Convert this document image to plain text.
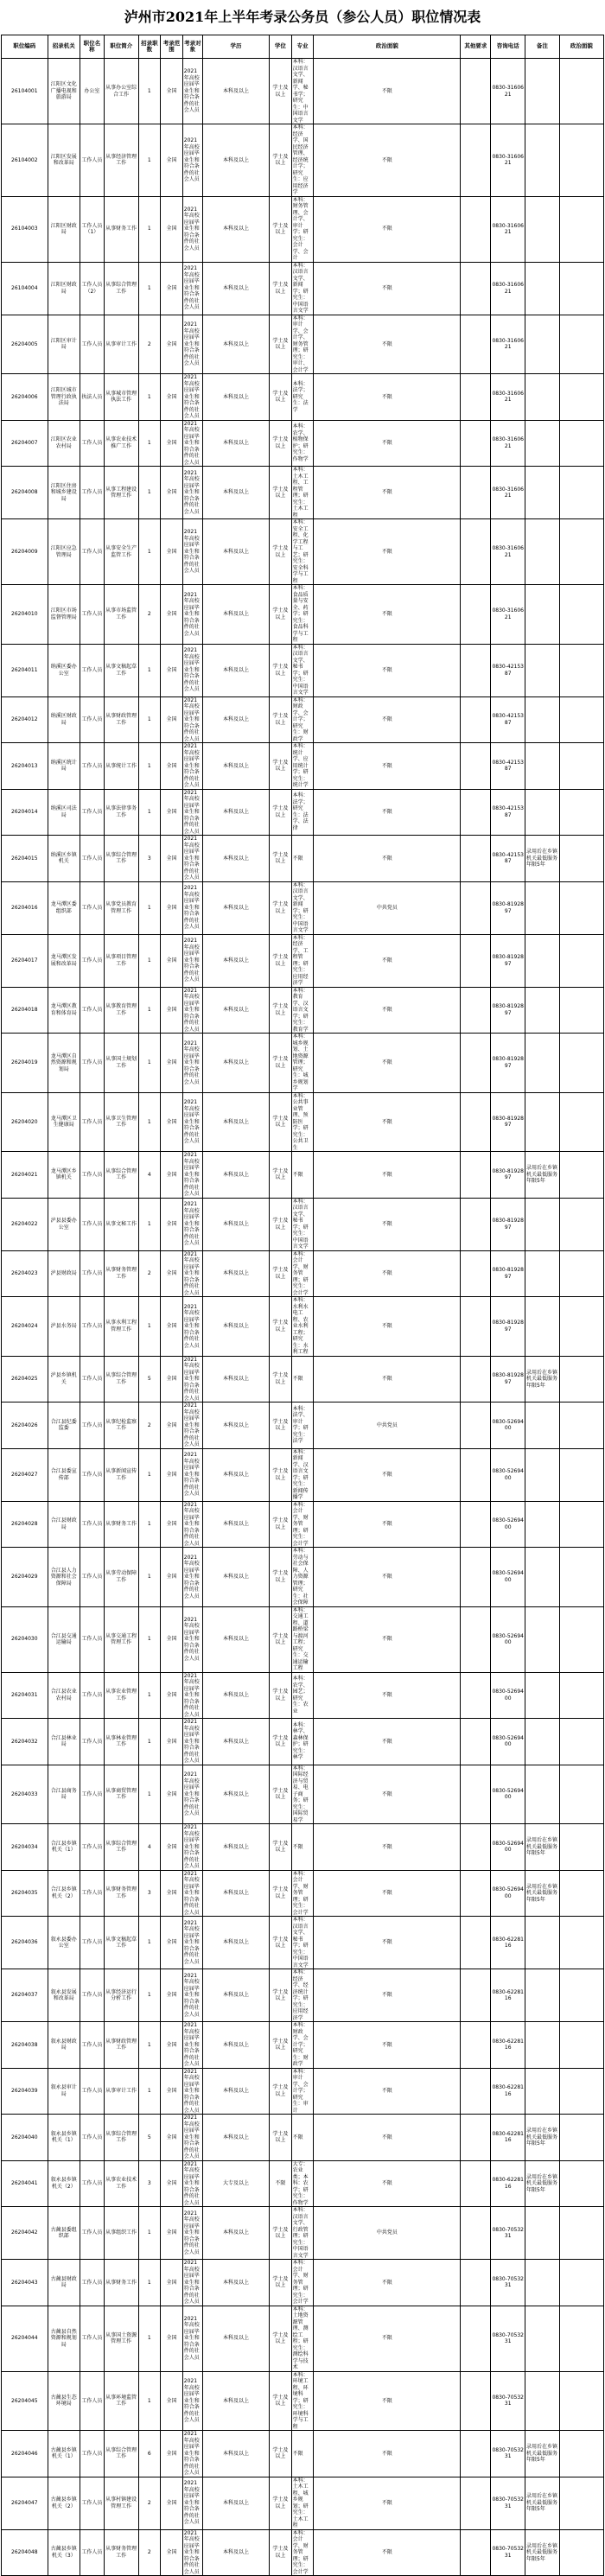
泸州市2021年上半年考录公务员（参公人员）职位情况表
职位编码	招录机关	职位名称	职位简介	招录职数	考录范围	考录对象	学历	学位	专业	政治面貌	其他要求	咨询电话	备注	政治面貌
26104001	江阳区文化广播电视和旅游局	办公室	从事办公室综合工作	1	全国	2021年高校应届毕业生和符合条件的社会人员	本科及以上	学士及以上	本科：汉语言文学、新闻学、秘书学；研究生：中国语言文学	不限		0830-3160621		
26104002	江阳区发展和改革局	工作人员	从事经济管理工作	1	全国	2021年高校应届毕业生和符合条件的社会人员	本科及以上	学士及以上	本科：经济学、国民经济管理、经济统计学；研究生：应用经济学	不限		0830-3160621		
26104003	江阳区财政局	工作人员（1）	从事财务工作	1	全国	2021年高校应届毕业生和符合条件的社会人员	本科及以上	学士及以上	本科：财务管理、会计学、审计学；研究生：会计学、会计	不限		0830-3160621		
26104004	江阳区财政局	工作人员（2）	从事综合管理工作	1	全国	2021年高校应届毕业生和符合条件的社会人员	本科及以上	学士及以上	本科：汉语言文学、新闻学；研究生：中国语言文学	不限		0830-3160621		
26204005	江阳区审计局	工作人员	从事审计工作	2	全国	2021年高校应届毕业生和符合条件的社会人员	本科及以上	学士及以上	本科：审计学、会计学、财务管理；研究生：审计、会计学	不限		0830-3160621		
26204006	江阳区城市管理行政执法局	执法人员	从事城市管理执法工作	1	全国	2021年高校应届毕业生和符合条件的社会人员	本科及以上	学士及以上	本科：法学；研究生：法学	不限		0830-3160621		
26204007	江阳区农业农村局	工作人员	从事农业技术推广工作	1	全国	2021年高校应届毕业生和符合条件的社会人员	本科及以上	学士及以上	本科：农学、植物保护；研究生：作物学	不限		0830-3160621		
26204008	江阳区住房和城乡建设局	工作人员	从事工程建设管理工作	1	全国	2021年高校应届毕业生和符合条件的社会人员	本科及以上	学士及以上	本科：土木工程、工程管理；研究生：土木工程	不限		0830-3160621		
26204009	江阳区应急管理局	工作人员	从事安全生产监管工作	1	全国	2021年高校应届毕业生和符合条件的社会人员	本科及以上	学士及以上	本科：安全工程、化学工程与工艺；研究生：安全科学与工程	不限		0830-3160621		
26204010	江阳区市场监督管理局	工作人员	从事市场监管工作	2	全国	2021年高校应届毕业生和符合条件的社会人员	本科及以上	学士及以上	本科：食品质量与安全、药学；研究生：食品科学与工程	不限		0830-3160621		
26204011	纳溪区委办公室	工作人员	从事文稿起草工作	1	全国	2021年高校应届毕业生和符合条件的社会人员	本科及以上	学士及以上	本科：汉语言文学、秘书学；研究生：中国语言文学	不限		0830-4215387		
26204012	纳溪区财政局	工作人员	从事财政管理工作	1	全国	2021年高校应届毕业生和符合条件的社会人员	本科及以上	学士及以上	本科：财政学、会计学；研究生：财政学	不限		0830-4215387		
26204013	纳溪区统计局	工作人员	从事统计工作	1	全国	2021年高校应届毕业生和符合条件的社会人员	本科及以上	学士及以上	本科：统计学、应用统计学；研究生：统计学	不限		0830-4215387		
26204014	纳溪区司法局	工作人员	从事法律事务工作	1	全国	2021年高校应届毕业生和符合条件的社会人员	本科及以上	学士及以上	本科：法学；研究生：法学、法律	不限		0830-4215387		
26204015	纳溪区乡镇机关	工作人员	从事综合管理工作	3	全国	2021年高校应届毕业生和符合条件的社会人员	本科及以上	学士及以上	不限	不限		0830-4215387	录用后在乡镇机关最低服务年限5年	
26204016	龙马潭区委组织部	工作人员	从事党员教育管理工作	1	全国	2021年高校应届毕业生和符合条件的社会人员	本科及以上	学士及以上	本科：汉语言文学、新闻学；研究生：中国语言文学	中共党员		0830-8192897		
26204017	龙马潭区发展和改革局	工作人员	从事项目管理工作	1	全国	2021年高校应届毕业生和符合条件的社会人员	本科及以上	学士及以上	本科：经济学、工程管理；研究生：应用经济学	不限		0830-8192897		
26204018	龙马潭区教育和体育局	工作人员	从事教育管理工作	1	全国	2021年高校应届毕业生和符合条件的社会人员	本科及以上	学士及以上	本科：教育学、汉语言文学；研究生：教育学	不限		0830-8192897		
26204019	龙马潭区自然资源和规划局	工作人员	从事国土规划工作	1	全国	2021年高校应届毕业生和符合条件的社会人员	本科及以上	学士及以上	本科：城乡规划、土地资源管理；研究生：城乡规划学	不限		0830-8192897		
26204020	龙马潭区卫生健康局	工作人员	从事卫生管理工作	1	全国	2021年高校应届毕业生和符合条件的社会人员	本科及以上	学士及以上	本科：公共事业管理、预防医学；研究生：公共卫生	不限		0830-8192897		
26204021	龙马潭区乡镇机关	工作人员	从事综合管理工作	4	全国	2021年高校应届毕业生和符合条件的社会人员	本科及以上	学士及以上	不限	不限		0830-8192897	录用后在乡镇机关最低服务年限5年	
26204022	泸县县委办公室	工作人员	从事文秘工作	1	全国	2021年高校应届毕业生和符合条件的社会人员	本科及以上	学士及以上	本科：汉语言文学、秘书学；研究生：中国语言文学	不限		0830-8192897		
26204023	泸县财政局	工作人员	从事财务管理工作	2	全国	2021年高校应届毕业生和符合条件的社会人员	本科及以上	学士及以上	本科：会计学、财务管理；研究生：会计学	不限		0830-8192897		
26204024	泸县水务局	工作人员	从事水利工程管理工作	1	全国	2021年高校应届毕业生和符合条件的社会人员	本科及以上	学士及以上	本科：水利水电工程、农业水利工程；研究生：水利工程	不限		0830-8192897		
26204025	泸县乡镇机关	工作人员	从事综合管理工作	5	全国	2021年高校应届毕业生和符合条件的社会人员	本科及以上	学士及以上	不限	不限		0830-8192897	录用后在乡镇机关最低服务年限5年	
26204026	合江县纪委监委	工作人员	从事纪检监察工作	2	全国	2021年高校应届毕业生和符合条件的社会人员	本科及以上	学士及以上	本科：法学、审计学；研究生：法学	中共党员		0830-5269400		
26204027	合江县委宣传部	工作人员	从事新闻宣传工作	1	全国	2021年高校应届毕业生和符合条件的社会人员	本科及以上	学士及以上	本科：新闻学、汉语言文学；研究生：新闻传播学	不限		0830-5269400		
26204028	合江县财政局	工作人员	从事财务工作	1	全国	2021年高校应届毕业生和符合条件的社会人员	本科及以上	学士及以上	本科：会计学、财务管理；研究生：会计学	不限		0830-5269400		
26204029	合江县人力资源和社会保障局	工作人员	从事劳动保障工作	1	全国	2021年高校应届毕业生和符合条件的社会人员	本科及以上	学士及以上	本科：劳动与社会保障、人力资源管理；研究生：社会保障	不限		0830-5269400		
26204030	合江县交通运输局	工作人员	从事交通工程管理工作	1	全国	2021年高校应届毕业生和符合条件的社会人员	本科及以上	学士及以上	本科：交通工程、道路桥梁与渡河工程；研究生：交通运输工程	不限		0830-5269400		
26204031	合江县农业农村局	工作人员	从事农业管理工作	1	全国	2021年高校应届毕业生和符合条件的社会人员	本科及以上	学士及以上	本科：农学、园艺；研究生：农业	不限		0830-5269400		
26204032	合江县林业局	工作人员	从事林业管理工作	1	全国	2021年高校应届毕业生和符合条件的社会人员	本科及以上	学士及以上	本科：林学、森林保护；研究生：林学	不限		0830-5269400		
26204033	合江县商务局	工作人员	从事商贸管理工作	1	全国	2021年高校应届毕业生和符合条件的社会人员	本科及以上	学士及以上	本科：国际经济与贸易、电子商务；研究生：国际贸易学	不限		0830-5269400		
26204034	合江县乡镇机关（1）	工作人员	从事综合管理工作	4	全国	2021年高校应届毕业生和符合条件的社会人员	本科及以上	学士及以上	不限	不限		0830-5269400	录用后在乡镇机关最低服务年限5年	
26204035	合江县乡镇机关（2）	工作人员	从事财务管理工作	3	全国	2021年高校应届毕业生和符合条件的社会人员	本科及以上	学士及以上	本科：会计学、财务管理；研究生：会计学	不限		0830-5269400	录用后在乡镇机关最低服务年限5年	
26204036	叙永县委办公室	工作人员	从事文稿起草工作	1	全国	2021年高校应届毕业生和符合条件的社会人员	本科及以上	学士及以上	本科：汉语言文学、秘书学；研究生：中国语言文学	不限		0830-6228116		
26204037	叙永县发展和改革局	工作人员	从事经济运行分析工作	1	全国	2021年高校应届毕业生和符合条件的社会人员	本科及以上	学士及以上	本科：经济学、经济统计学；研究生：应用经济学	不限		0830-6228116		
26204038	叙永县财政局	工作人员	从事财政管理工作	1	全国	2021年高校应届毕业生和符合条件的社会人员	本科及以上	学士及以上	本科：财政学、会计学；研究生：财政学	不限		0830-6228116		
26204039	叙永县审计局	工作人员	从事审计工作	1	全国	2021年高校应届毕业生和符合条件的社会人员	本科及以上	学士及以上	本科：审计学、会计学；研究生：审计	不限		0830-6228116		
26204040	叙永县乡镇机关（1）	工作人员	从事综合管理工作	5	全国	2021年高校应届毕业生和符合条件的社会人员	本科及以上	学士及以上	不限	不限		0830-6228116	录用后在乡镇机关最低服务年限5年	
26204041	叙永县乡镇机关（2）	工作人员	从事农业技术工作	3	全国	2021年高校应届毕业生和符合条件的社会人员	大专及以上	不限	大专：农业类；本科：农学；研究生：作物学	不限		0830-6228116	录用后在乡镇机关最低服务年限5年	
26204042	古蔺县委组织部	工作人员	从事组织工作	1	全国	2021年高校应届毕业生和符合条件的社会人员	本科及以上	学士及以上	本科：汉语言文学、行政管理；研究生：中国语言文学	中共党员		0830-7053231		
26204043	古蔺县财政局	工作人员	从事财务工作	1	全国	2021年高校应届毕业生和符合条件的社会人员	本科及以上	学士及以上	本科：会计学、财务管理；研究生：会计学	不限		0830-7053231		
26204044	古蔺县自然资源和规划局	工作人员	从事国土资源管理工作	1	全国	2021年高校应届毕业生和符合条件的社会人员	本科及以上	学士及以上	本科：土地资源管理、测绘工程；研究生：测绘科学与技术	不限		0830-7053231		
26204045	古蔺县生态环境局	工作人员	从事环境监管工作	1	全国	2021年高校应届毕业生和符合条件的社会人员	本科及以上	学士及以上	本科：环境工程、环境科学；研究生：环境科学与工程	不限		0830-7053231		
26204046	古蔺县乡镇机关（1）	工作人员	从事综合管理工作	6	全国	2021年高校应届毕业生和符合条件的社会人员	本科及以上	学士及以上	不限	不限		0830-7053231	录用后在乡镇机关最低服务年限5年	
26204047	古蔺县乡镇机关（2）	工作人员	从事村镇建设管理工作	2	全国	2021年高校应届毕业生和符合条件的社会人员	本科及以上	学士及以上	本科：土木工程、城乡规划；研究生：土木工程	不限		0830-7053231	录用后在乡镇机关最低服务年限5年	
26204048	古蔺县乡镇机关（3）	工作人员	从事财务管理工作	2	全国	2021年高校应届毕业生和符合条件的社会人员	本科及以上	学士及以上	本科：会计学、财务管理；研究生：会计学	不限		0830-7053231	录用后在乡镇机关最低服务年限5年	
